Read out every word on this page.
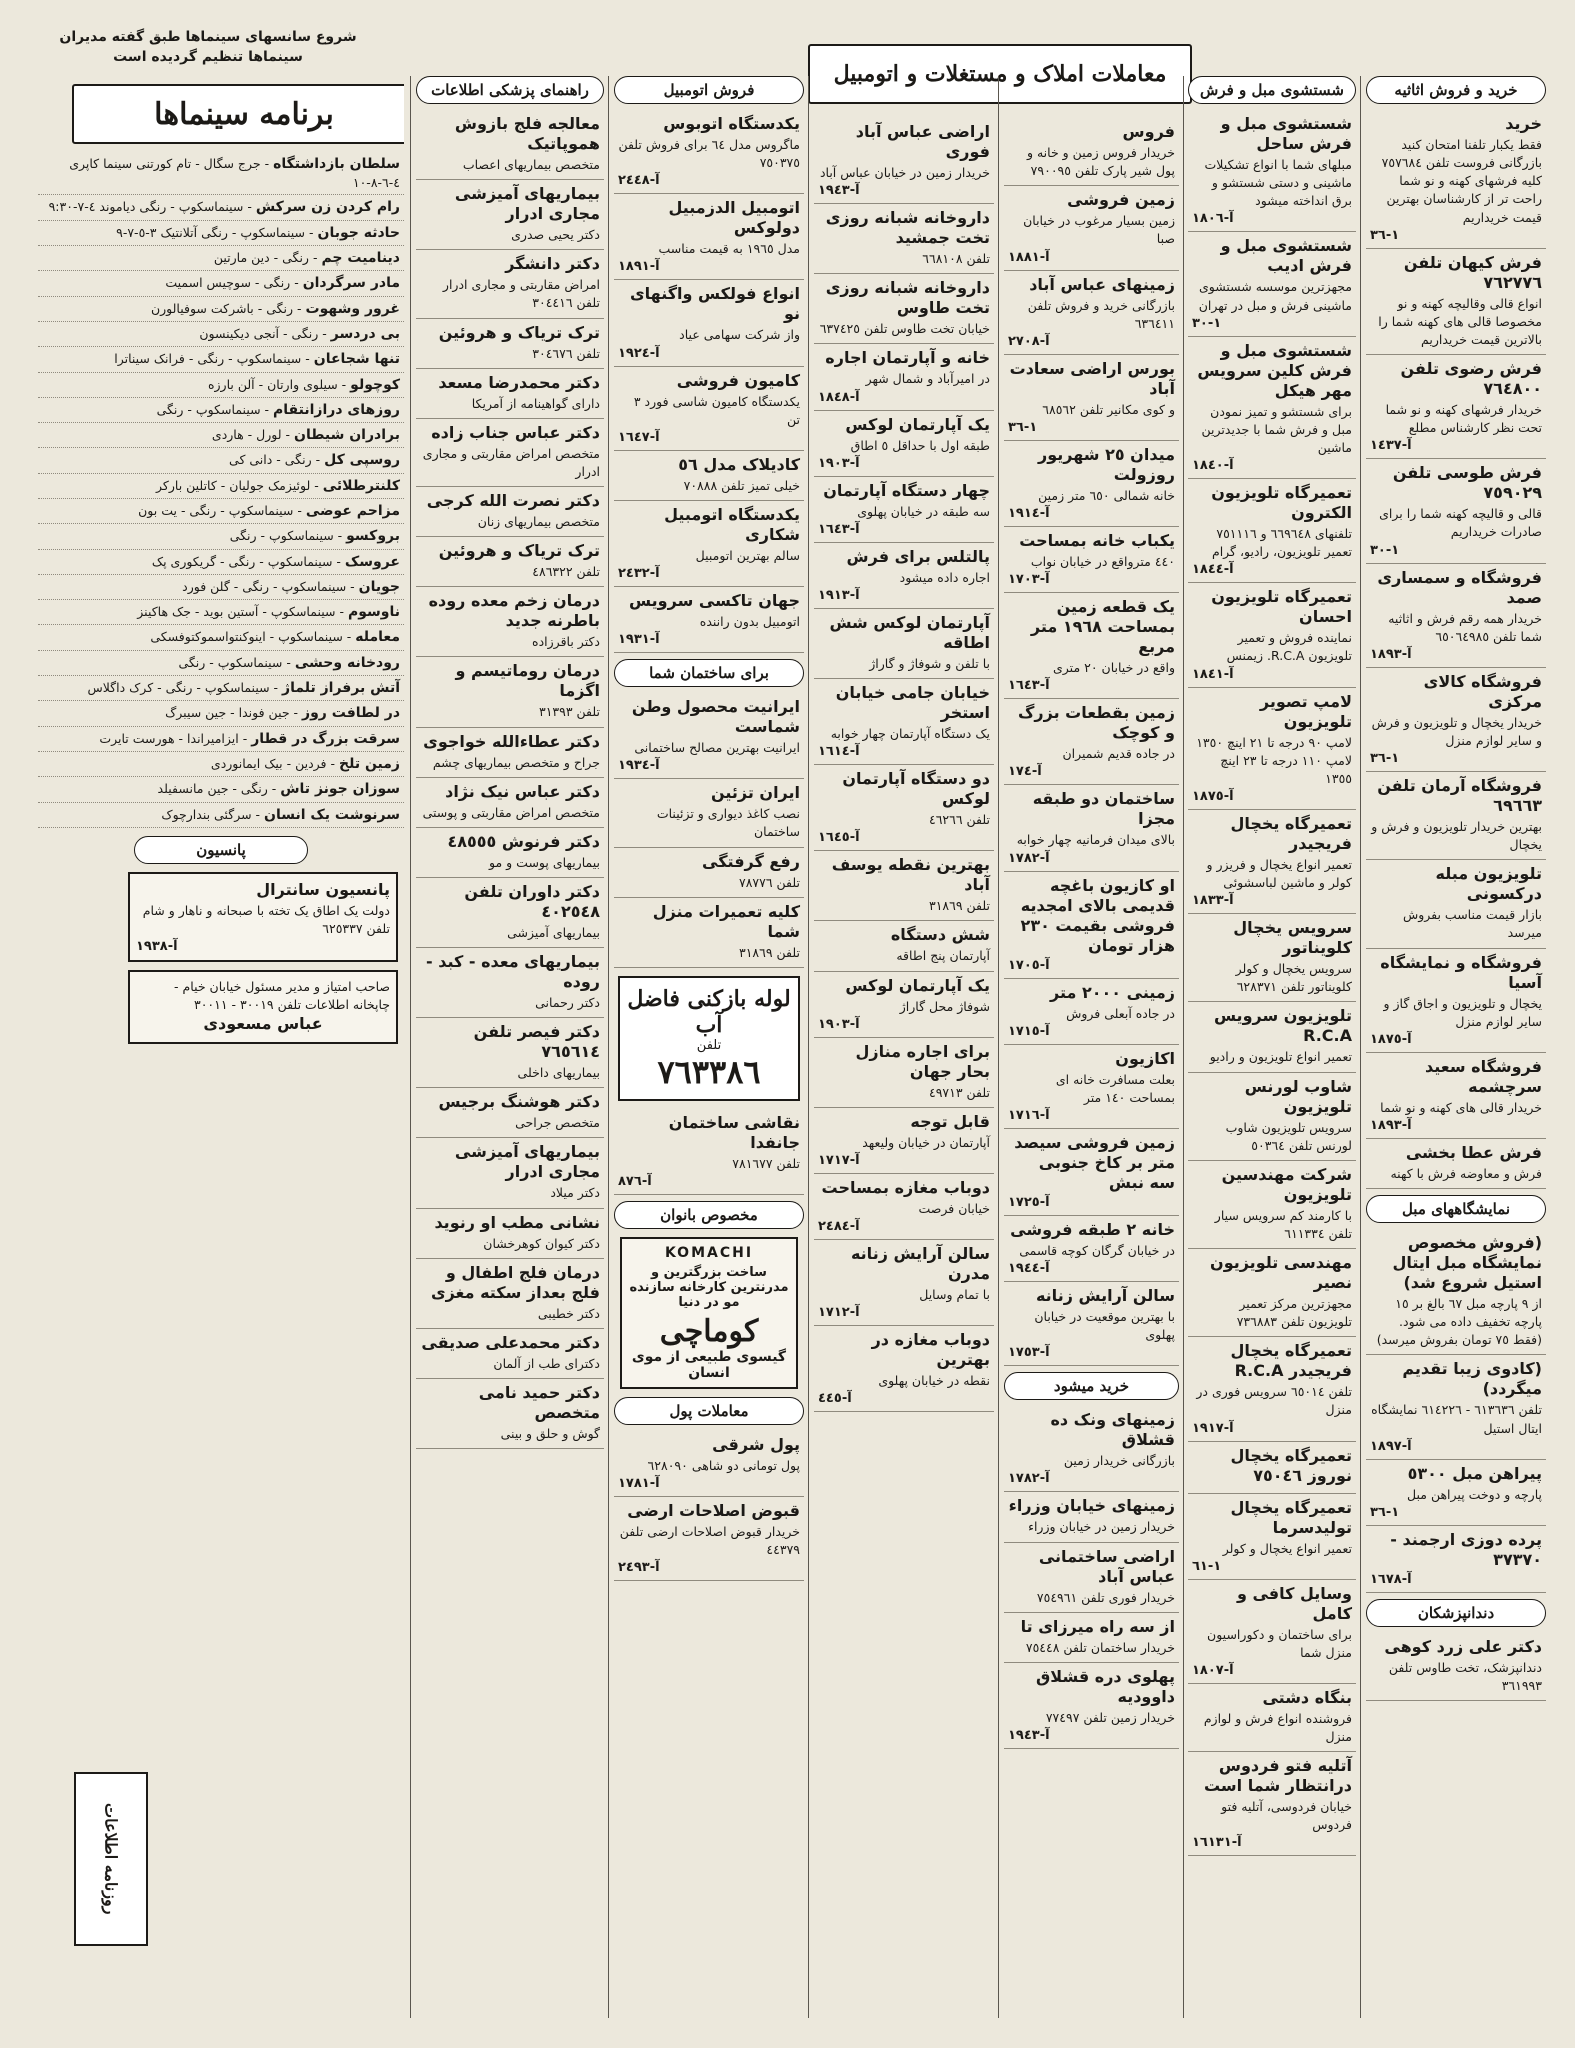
شروع سانسهای سینماها طبق گفته مدیران سینماها تنظیم گردیده است
معاملات املاک و مستغلات و اتومبیل
خرید و فروش اثاثیه

خرید

فقط یکبار تلفنا امتحان کنید بازرگانی فروست تلفن ٧٥٧٦٨٤ کلیه فرشهای کهنه و نو شما راحت تر از کارشناسان بهترین قیمت خریداریم

١-٣٦

فرش کیهان تلفن ٧٦٢٧٧٦

انواع قالی وقالیچه کهنه و نو مخصوصا قالی های کهنه شما را بالاترین قیمت خریداریم

فرش رضوی تلفن ٧٦٤٨٠٠

خریدار فرشهای کهنه و نو شما تحت نظر کارشناس مطلع

آ-١٤٣٧

فرش طوسی تلفن ٧٥٩٠٢٩

قالی و قالیچه کهنه شما را برای صادرات خریداریم

١-٣٠

فروشگاه و سمساری صمد

خریدار همه رقم فرش و اثاثیه شما تلفن ٦٥٠٦٤٩٨٥

آ-١٨٩٣

فروشگاه کالای مرکزی

خریدار یخچال و تلویزیون و فرش و سایر لوازم منزل

١-٣٦

فروشگاه آرمان تلفن ٦٩٦٦٣

بهترین خریدار تلویزیون و فرش و یخچال

تلویزیون مبله درکسونی

بازار قیمت مناسب بفروش میرسد

فروشگاه و نمایشگاه آسیا

یخچال و تلویزیون و اجاق گاز و سایر لوازم منزل

آ-١٨٧٥

فروشگاه سعید سرچشمه

خریدار قالی های کهنه و نو شما

آ-١٨٩٣

فرش عطا بخشی

فرش و معاوضه فرش با کهنه

نمایشگاههای مبل

(فروش مخصوص نمایشگاه مبل ایتال استیل شروع شد)

از ٩ پارچه مبل ٦٧ بالغ بر ١٥ پارچه تخفیف داده می شود. (فقط ٧٥ تومان بفروش میرسد)

(کادوی زیبا تقدیم میگردد)

تلفن ٦١٣٦٣٦ - ٦١٤٢٢٦ نمایشگاه ایتال استیل

آ-١٨٩٧

پیراهن مبل ٥٣٠٠

پارچه و دوخت پیراهن مبل

١-٣٦

پرده دوزی ارجمند - ٣٧٣٧٠

آ-١٦٧٨

دندانپزشکان

دکتر علی زرد کوهی

دندانپزشک، تخت طاوس تلفن ٣٦١٩٩٣

شستشوی مبل و فرش

شستشوی مبل و فرش ساحل

مبلهای شما با انواع تشکیلات ماشینی و دستی شستشو و برق انداخته میشود

آ-١٨٠٦

شستشوی مبل و فرش ادیب

مجهزترین موسسه شستشوی ماشینی فرش و مبل در تهران

١-٣٠

شستشوی مبل و فرش کلین سرویس مهر هیکل

برای شستشو و تمیز نمودن مبل و فرش شما با جدیدترین ماشین

آ-١٨٤٠

تعمیرگاه تلویزیون الکترون

تلفنهای ٦٦٩٦٤٨ و ٧٥١١١٦ تعمیر تلویزیون، رادیو، گرام

آ-١٨٤٤

تعمیرگاه تلویزیون احسان

نماینده فروش و تعمیر تلویزیون R.C.A. زیمنس

آ-١٨٤١

لامپ تصویر تلویزیون

لامپ ٩٠ درجه تا ٢١ اینچ ١٣٥٠ لامپ ١١٠ درجه تا ٢٣ اینچ ١٣٥٥

آ-١٨٧٥

تعمیرگاه یخچال فریجیدر

تعمیر انواع یخچال و فریزر و کولر و ماشین لباسشوئی

آ-١٨٣٣

سرویس یخچال کلویناتور

سرویس یخچال و کولر کلویناتور تلفن ٦٢٨٣٧١

تلویزیون سرویس R.C.A

تعمیر انواع تلویزیون و رادیو

شاوب لورنس تلویزیون

سرویس تلویزیون شاوب لورنس تلفن ٥٠٣٦٤

شرکت مهندسین تلویزیون

با کارمند کم سرویس سیار تلفن ٦١١٣٣٤

مهندسی تلویزیون نصیر

مجهزترین مرکز تعمیر تلویزیون تلفن ٧٣٦٨٨٣

تعمیرگاه یخچال فریجیدر R.C.A

تلفن ٦٥٠١٤ سرویس فوری در منزل

آ-١٩١٧

تعمیرگاه یخچال نوروز ٧٥٠٤٦

تعمیرگاه یخچال تولیدسرما

تعمیر انواع یخچال و کولر

١-٦١

وسایل کافی و کامل

برای ساختمان و دکوراسیون منزل شما

آ-١٨٠٧

بنگاه دشتی

فروشنده انواع فرش و لوازم منزل

آتلیه فتو فردوس درانتظار شما است

خیابان فردوسی، آتلیه فتو فردوس

آ-١٦١٣١

فروس

خریدار فروس زمین و خانه و پول شیر پارک تلفن ٧٩٠٠٩٥

زمین فروشی

زمین بسیار مرغوب در خیابان صبا

آ-١٨٨١

زمینهای عباس آباد

بازرگانی خرید و فروش تلفن ٦٣٦٤١١

آ-٢٧٠٨

بورس اراضی سعادت آباد

و کوی مکانیر تلفن ٦٨٥٦٢

١-٣٦

میدان ٢٥ شهریور روزولت

خانه شمالی ٦٥٠ متر زمین

آ-١٩١٤

یکباب خانه بمساحت

٤٤٠ مترواقع در خیابان نواب

آ-١٧٠٣

یک قطعه زمین بمساحت ١٩٦٨ متر مربع

واقع در خیابان ٢٠ متری

آ-١٦٤٣

زمین بقطعات بزرگ و کوچک

در جاده قدیم شمیران

آ-١٧٤

ساختمان دو طبقه مجزا

بالای میدان فرمانیه چهار خوابه

آ-١٧٨٢

او کازیون باغچه قدیمی بالای امجدیه فروشی بقیمت ٢٣٠ هزار تومان

آ-١٧٠٥

زمینی ٢٠٠٠ متر

در جاده آبعلی فروش

آ-١٧١٥

اکازیون

بعلت مسافرت خانه ای بمساحت ١٤٠ متر

آ-١٧١٦

زمین فروشی سیصد متر بر کاخ جنوبی سه نبش

آ-١٧٢٥

خانه ٢ طبقه فروشی

در خیابان گرگان کوچه قاسمی

آ-١٩٤٤

سالن آرایش زنانه

با بهترین موقعیت در خیابان پهلوی

آ-١٧٥٣

خرید میشود

زمینهای ونک ده قشلاق

بازرگانی خریدار زمین

آ-١٧٨٢

زمینهای خیابان وزراء

خریدار زمین در خیابان وزراء

اراضی ساختمانی عباس آباد

خریدار فوری تلفن ٧٥٤٩٦١

از سه راه میرزای تا

خریدار ساختمان تلفن ٧٥٤٤٨

پهلوی دره قشلاق داوودیه

خریدار زمین تلفن ٧٧٤٩٧

آ-١٩٤٣

اراضی عباس آباد فوری

خریدار زمین در خیابان عباس آباد

آ-١٩٤٣

داروخانه شبانه روزی تخت جمشید

تلفن ٦٦٨١٠٨

داروخانه شبانه روزی تخت طاوس

خیابان تخت طاوس تلفن ٦٣٧٤٢٥

خانه و آپارتمان اجاره

در امیرآباد و شمال شهر

آ-١٨٤٨

یک آپارتمان لوکس

طبقه اول با حداقل ٥ اطاق

آ-١٩٠٣

چهار دستگاه آپارتمان

سه طبقه در خیابان پهلوی

آ-١٦٤٣

پالتلس برای فرش

اجاره داده میشود

آ-١٩١٣

آپارتمان لوکس شش اطاقه

با تلفن و شوفاژ و گاراژ

خیابان جامی خیابان استخر

یک دستگاه آپارتمان چهار خوابه

آ-١٦١٤

دو دستگاه آپارتمان لوکس

تلفن ٤٦٢٦٦

آ-١٦٤٥

بهترین نقطه یوسف آباد

تلفن ٣١٨٦٩

شش دستگاه

آپارتمان پنج اطاقه

یک آپارتمان لوکس

شوفاژ محل گاراژ

آ-١٩٠٣

برای اجاره منازل بحار جهان

تلفن ٤٩٧١٣

قابل توجه

آپارتمان در خیابان ولیعهد

آ-١٧١٧

دوباب مغازه بمساحت

خیابان فرصت

آ-٢٤٨٤

سالن آرایش زنانه مدرن

با تمام وسایل

آ-١٧١٢

دوباب مغازه در بهترین

نقطه در خیابان پهلوی

آ-٤٤٥

فروش اتومبیل

یکدستگاه اتوبوس

ماگروس مدل ٦٤ برای فروش تلفن ٧٥٠٣٧٥

آ-٢٤٤٨

اتومبیل الدزمبیل دولوکس

مدل ١٩٦٥ به قیمت مناسب

آ-١٨٩١

انواع فولکس واگنهای نو

واز شرکت سهامی عیاد

آ-١٩٢٤

کامیون فروشی

یکدستگاه کامیون شاسی فورد ٣ تن

آ-١٦٤٧

کادیلاک مدل ٥٦

خیلی تمیز تلفن ٧٠٨٨٨

یکدستگاه اتومبیل شکاری

سالم بهترین اتومبیل

آ-٢٤٣٢

جهان تاکسی سرویس

اتومبیل بدون راننده

آ-١٩٣١

برای ساختمان شما

ایرانیت محصول وطن شماست

ایرانیت بهترین مصالح ساختمانی

آ-١٩٣٤

ایران تزئین

نصب کاغذ دیواری و تزئینات ساختمان

رفع گرفتگی

تلفن ٧٨٧٧٦

کلیه تعمیرات منزل شما

تلفن ٣١٨٦٩

لوله بازکنی فاضل آب
تلفن
٧٦٣٣٨٦

نقاشی ساختمان جانفدا

تلفن ٧٨١٦٧٧

آ-٨٧٦

مخصوص بانوان
KOMACHI
ساخت بزرگترین و مدرنترین کارخانه سازنده مو در دنیا
کوماچی
گیسوی طبیعی از موی انسان
معاملات پول

پول شرقی

پول تومانی دو شاهی ٦٢٨٠٩٠

آ-١٧٨١

قبوض اصلاحات ارضی

خریدار قبوض اصلاحات ارضی تلفن ٤٤٣٧٩

آ-٢٤٩٣

راهنمای پزشکی اطلاعات

معالجه فلج بازوش هموپاتیک

متخصص بیماریهای اعصاب

بیماریهای آمیزشی مجاری ادرار

دکتر یحیی صدری

دکتر دانشگر

امراض مقاربتی و مجاری ادرار تلفن ٣٠٤٤١٦

ترک تریاک و هروئین

تلفن ٣٠٤٦٧٦

دکتر محمدرضا مسعد

دارای گواهینامه از آمریکا

دکتر عباس جناب زاده

متخصص امراض مقاربتی و مجاری ادرار

دکتر نصرت الله کرجی

متخصص بیماریهای زنان

ترک تریاک و هروئین

تلفن ٤٨٦٣٢٢

درمان زخم معده روده باطرنه جدید

دکتر باقرزاده

درمان روماتیسم و اگزما

تلفن ٣١٣٩٣

دکتر عطاءالله خواجوی

جراح و متخصص بیماریهای چشم

دکتر عباس نیک نژاد

متخصص امراض مقاربتی و پوستی

دکتر فرنوش ٤٨٥٥٥

بیماریهای پوست و مو

دکتر داوران تلفن ٤٠٢٥٤٨

بیماریهای آمیزشی

بیماریهای معده - کبد - روده

دکتر رحمانی

دکتر فیصر تلفن ٧٦٥٦١٤

بیماریهای داخلی

دکتر هوشنگ برجیس

متخصص جراحی

بیماریهای آمیزشی مجاری ادرار

دکتر میلاد

نشانی مطب او رنوید

دکتر کیوان کوهرخشان

درمان فلج اطفال و فلج بعداز سکته مغزی

دکتر خطیبی

دکتر محمدعلی صدیقی

دکترای طب از آلمان

دکتر حمید نامی متخصص

گوش و حلق و بینی

برنامه سینماها
سلطان بازداشتگاه - جرج سگال - تام کورتنی سینما کاپری ٤-٦-٨-١٠
رام کردن زن سرکش - سینماسکوپ - رنگی دیاموند ٤-٧-٩:٣٠
حادثه جوبان - سینماسکوپ - رنگی آتلانتیک ٣-٥-٧-٩
دینامیت چم - رنگی - دین مارتین
مادر سرگردان - رنگی - سوچیس اسمیت
غرور وشهوت - رنگی - باشرکت سوفیالورن
بی دردسر - رنگی - آنجی دیکینسون
تنها شجاعان - سینماسکوپ - رنگی - فرانک سیناترا
کوچولو - سیلوی وارتان - آلن بارزه
روزهای درازانتقام - سینماسکوپ - رنگی
برادران شیطان - لورل - هاردی
روسپی کل - رنگی - دانی کی
کلنترطلائی - لوئیزمک جولیان - کاتلین بارکر
مزاحم عوضی - سینماسکوپ - رنگی - یت بون
بروکسو - سینماسکوپ - رنگی
عروسک - سینماسکوپ - رنگی - گریکوری پک
جویان - سینماسکوپ - رنگی - گلن فورد
ناوسوم - سینماسکوپ - آستین بوید - جک هاکینز
معامله - سینماسکوپ - اینوکنتواسموکتوفسکی
رودخانه وحشی - سینماسکوپ - رنگی
آتش برفراز تلماژ - سینماسکوپ - رنگی - کرک داگلاس
در لطافت روز - جین فوندا - جین سیبرگ
سرقت بزرگ در قطار - ایزامیراندا - هورست تایرت
زمین تلخ - فردین - بیک ایمانوردی
سوزان جونز تاش - رنگی - جین مانسفیلد
سرنوشت یک انسان - سرگئی بندارچوک
پانسیون

پانسیون سانترال

دولت یک اطاق یک تخته با صبحانه و ناهار و شام تلفن ٦٢٥٣٣٧

آ-١٩٣٨

صاحب امتیاز و مدیر مسئول خیابان خیام - چاپخانه اطلاعات تلفن ٣٠٠١٩ - ٣٠٠١١

عباس مسعودی

روزنامه اطلاعات
